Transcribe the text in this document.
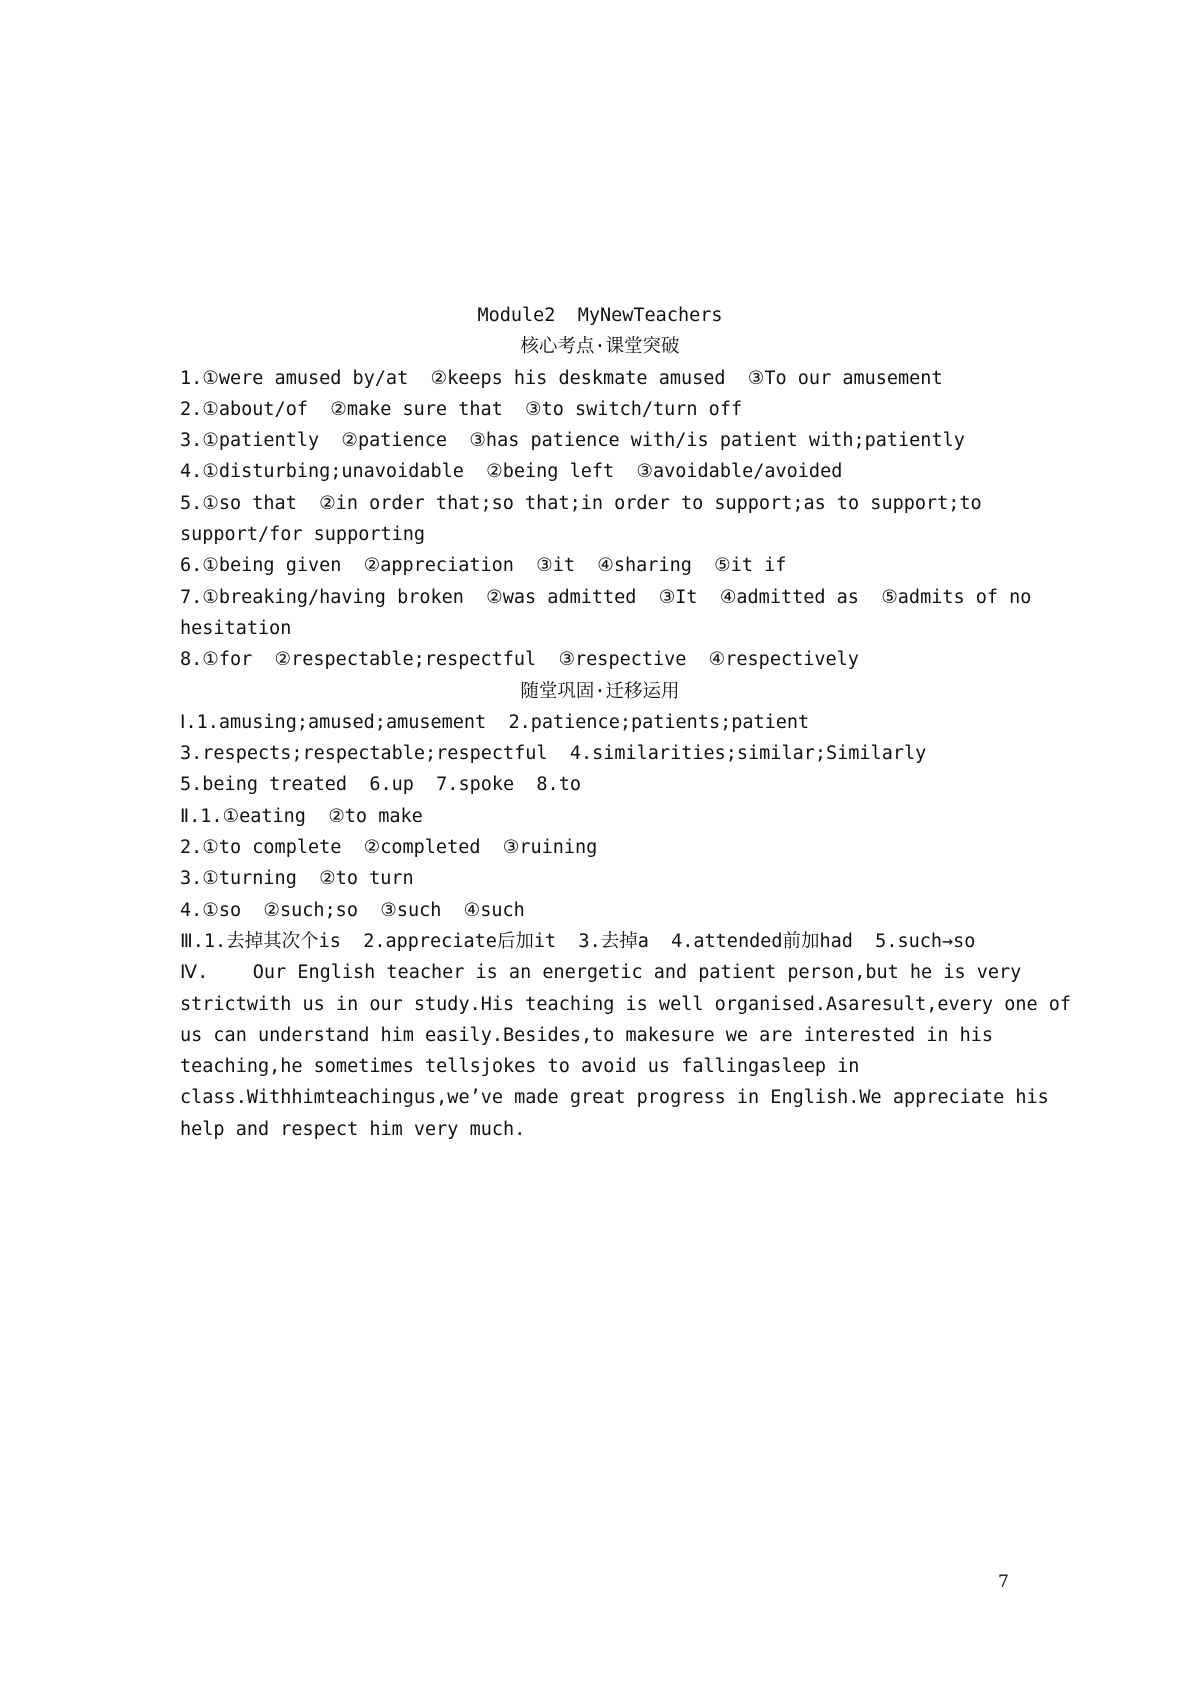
Module2  MyNewTeachers
核心考点·课堂突破
1.①were amused by/at  ②keeps his deskmate amused  ③To our amusement
2.①about/of  ②make sure that  ③to switch/turn off
3.①patiently  ②patience  ③has patience with/is patient with;patiently
4.①disturbing;unavoidable  ②being left  ③avoidable/avoided
5.①so that  ②in order that;so that;in order to support;as to support;to
support/for supporting
6.①being given  ②appreciation  ③it  ④sharing  ⑤it if
7.①breaking/having broken  ②was admitted  ③It  ④admitted as  ⑤admits of no
hesitation
8.①for  ②respectable;respectful  ③respective  ④respectively
随堂巩固·迁移运用
Ⅰ.1.amusing;amused;amusement  2.patience;patients;patient
3.respects;respectable;respectful  4.similarities;similar;Similarly
5.being treated  6.up  7.spoke  8.to
Ⅱ.1.①eating  ②to make
2.①to complete  ②completed  ③ruining
3.①turning  ②to turn
4.①so  ②such;so  ③such  ④such
Ⅲ.1.去掉其次个is  2.appreciate后加it  3.去掉a  4.attended前加had  5.such→so
Ⅳ.    Our English teacher is an energetic and patient person,but he is very
strictwith us in our study.His teaching is well organised.Asaresult,every one of
us can understand him easily.Besides,to makesure we are interested in his
teaching,he sometimes tellsjokes to avoid us fallingasleep in
class.Withhimteachingus,we’ve made great progress in English.We appreciate his
help and respect him very much.
7
